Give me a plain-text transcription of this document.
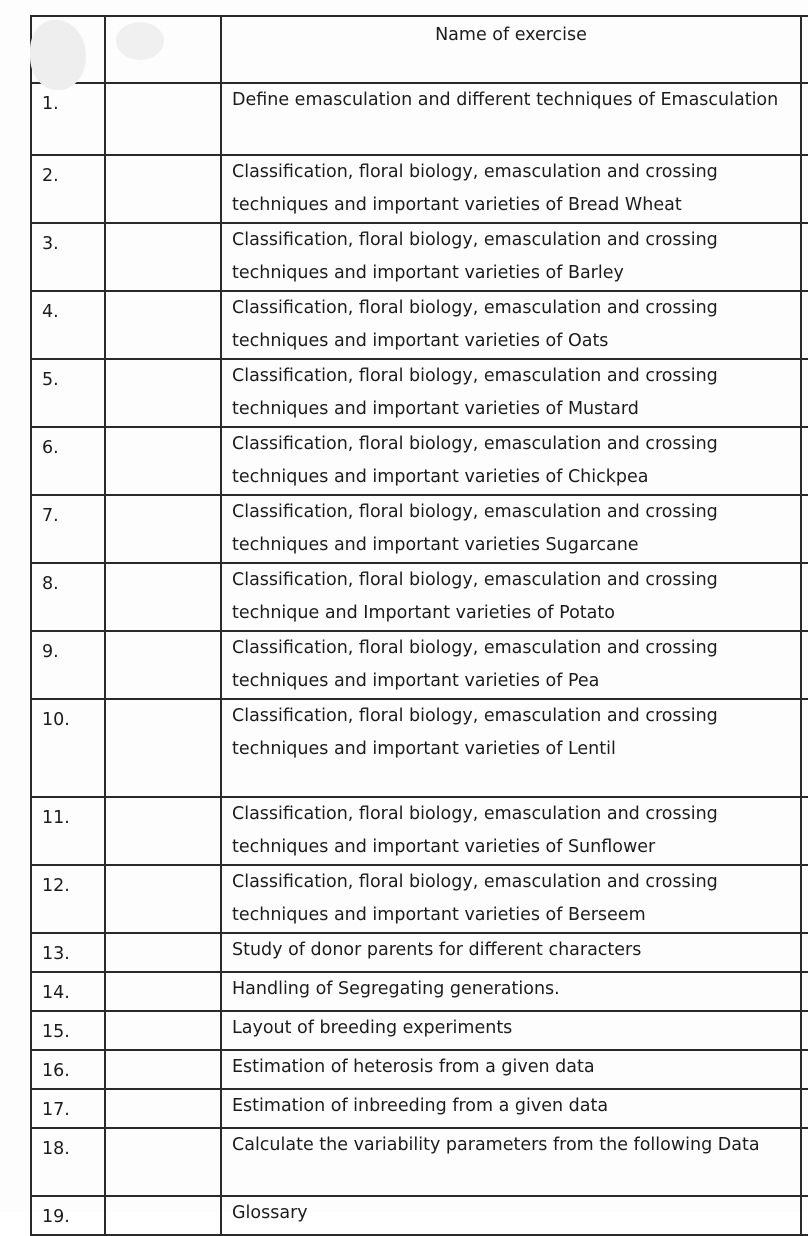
		Name of exercise	
1.		Define emasculation and different techniques of Emasculation	
2.		Classification, floral biology, emasculation and crossing techniques and important varieties of Bread Wheat	
3.		Classification, floral biology, emasculation and crossing techniques and important varieties of Barley	
4.		Classification, floral biology, emasculation and crossing techniques and important varieties of Oats	
5.		Classification, floral biology, emasculation and crossing techniques and important varieties of Mustard	
6.		Classification, floral biology, emasculation and crossing techniques and important varieties of Chickpea	
7.		Classification, floral biology, emasculation and crossing techniques and important varieties Sugarcane	
8.		Classification, floral biology, emasculation and crossing technique and Important varieties of Potato	
9.		Classification, floral biology, emasculation and crossing techniques and important varieties of Pea	
10.		Classification, floral biology, emasculation and crossing techniques and important varieties of Lentil	
11.		Classification, floral biology, emasculation and crossing techniques and important varieties of Sunflower	
12.		Classification, floral biology, emasculation and crossing techniques and important varieties of Berseem	
13.		Study of donor parents for different characters	
14.		Handling of Segregating generations.	
15.		Layout of breeding experiments	
16.		Estimation of heterosis from a given data	
17.		Estimation of inbreeding from a given data	
18.		Calculate the variability parameters from the following Data	
19.		Glossary	
